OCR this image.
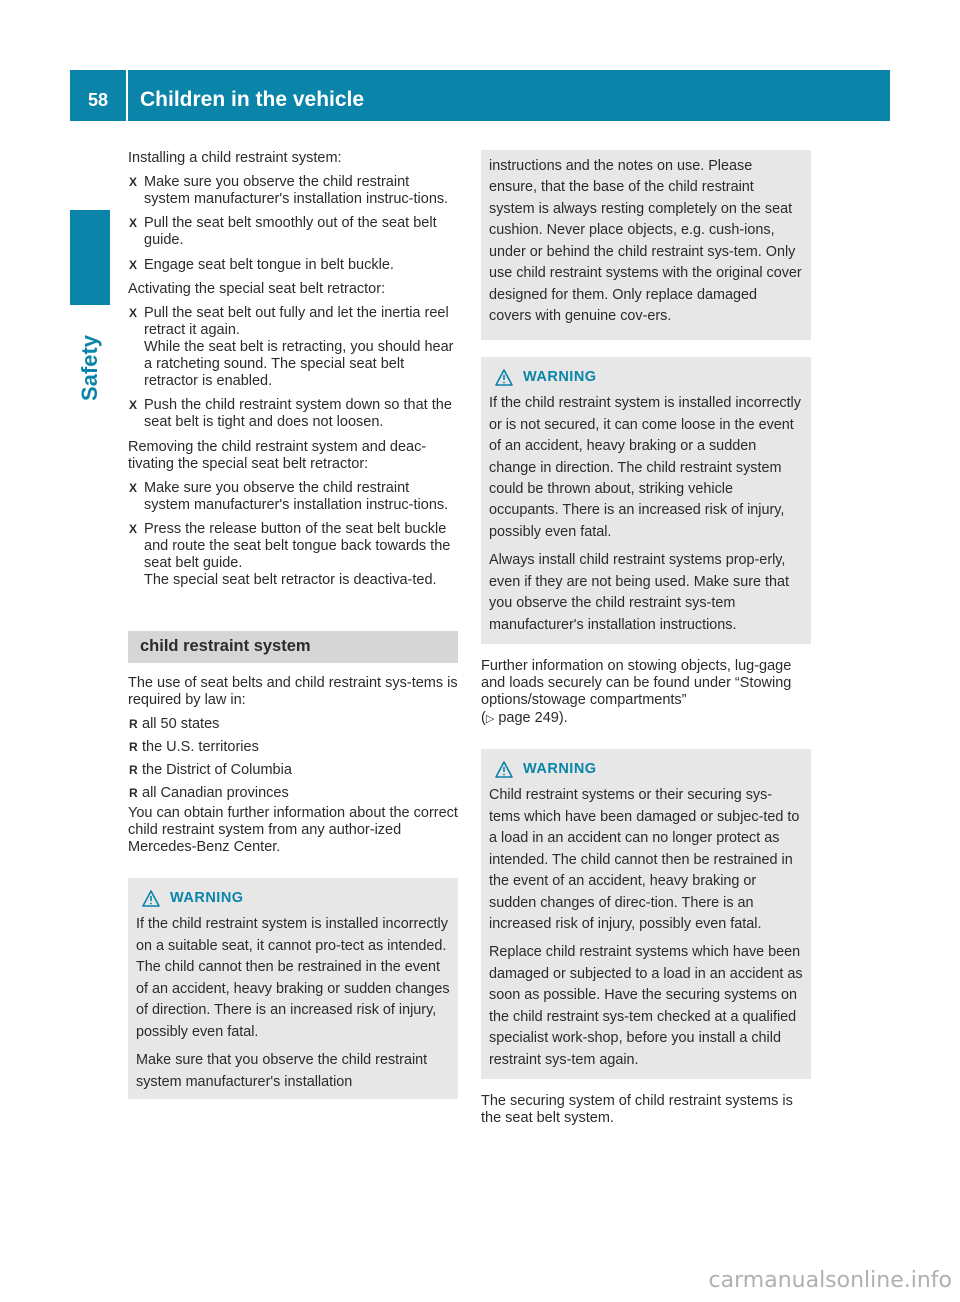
58	Children in the vehicle
Safety

Installing a child restraint system:

X Make sure you observe the child restraint system manufacturer's installation instruc-tions.
X Pull the seat belt smoothly out of the seat belt guide.
X Engage seat belt tongue in belt buckle.

Activating the special seat belt retractor:

X Pull the seat belt out fully and let the inertia reel retract it again.
While the seat belt is retracting, you should hear a ratcheting sound. The special seat belt retractor is enabled.
X Push the child restraint system down so that the seat belt is tight and does not loosen.

Removing the child restraint system and deac-tivating the special seat belt retractor:

X Make sure you observe the child restraint system manufacturer's installation instruc-tions.
X Press the release button of the seat belt buckle and route the seat belt tongue back towards the seat belt guide.
The special seat belt retractor is deactiva-ted.
child restraint system

The use of seat belts and child restraint sys-tems is required by law in:

R all 50 states
R the U.S. territories
R the District of Columbia
R all Canadian provinces

You can obtain further information about the correct child restraint system from any author-ized Mercedes-Benz Center.

WARNING

If the child restraint system is installed incorrectly on a suitable seat, it cannot pro-tect as intended. The child cannot then be restrained in the event of an accident, heavy braking or sudden changes of direction. There is an increased risk of injury, possibly even fatal.

Make sure that you observe the child restraint system manufacturer's installation

instructions and the notes on use. Please ensure, that the base of the child restraint system is always resting completely on the seat cushion. Never place objects, e.g. cush-ions, under or behind the child restraint sys-tem. Only use child restraint systems with the original cover designed for them. Only replace damaged covers with genuine cov-ers.

WARNING

If the child restraint system is installed incorrectly or is not secured, it can come loose in the event of an accident, heavy braking or a sudden change in direction. The child restraint system could be thrown about, striking vehicle occupants. There is an increased risk of injury, possibly even fatal.

Always install child restraint systems prop-erly, even if they are not being used. Make sure that you observe the child restraint sys-tem manufacturer's installation instructions.

Further information on stowing objects, lug-gage and loads securely can be found under “Stowing options/stowage compartments”
(▷ page 249).

WARNING

Child restraint systems or their securing sys-tems which have been damaged or subjec-ted to a load in an accident can no longer protect as intended. The child cannot then be restrained in the event of an accident, heavy braking or sudden changes of direc-tion. There is an increased risk of injury, possibly even fatal.

Replace child restraint systems which have been damaged or subjected to a load in an accident as soon as possible. Have the securing systems on the child restraint sys-tem checked at a qualified specialist work-shop, before you install a child restraint sys-tem again.

The securing system of child restraint systems is the seat belt system.

carmanualsonline.info
